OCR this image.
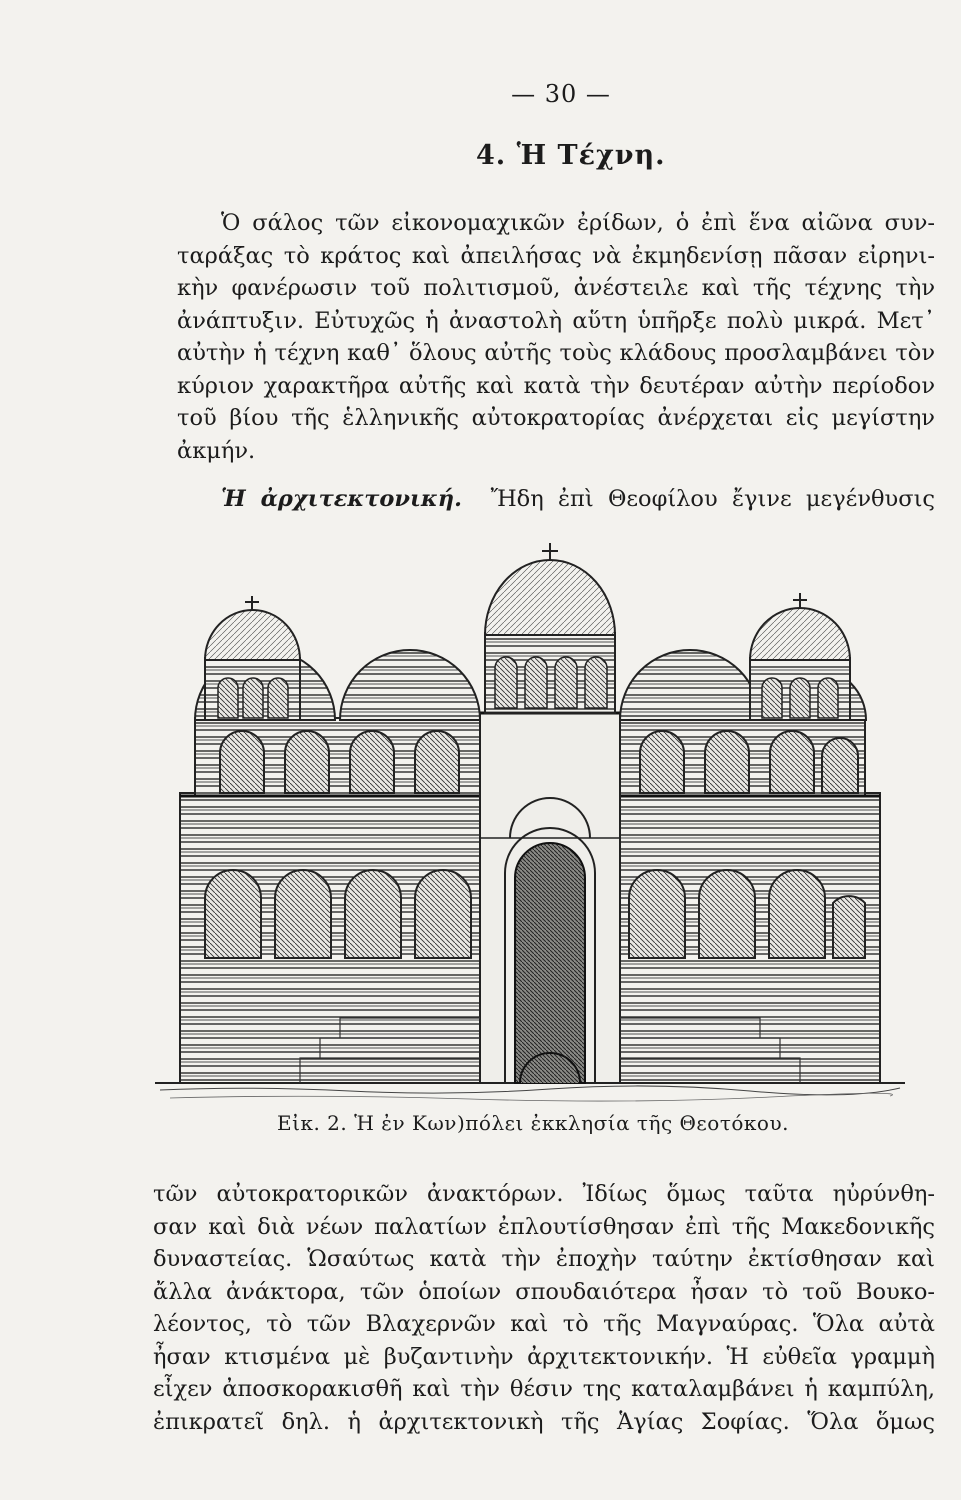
— 30 —
4. Ἡ Τέχνη.
Ὁ σάλος τῶν εἰκονομαχικῶν ἐρίδων, ὁ ἐπὶ ἕνα αἰῶνα συν-
ταράξας τὸ κράτος καὶ ἀπειλήσας νὰ ἐκμηδενίσῃ πᾶσαν εἰρηνι-
κὴν φανέρωσιν τοῦ πολιτισμοῦ, ἀνέστειλε καὶ τῆς τέχνης τὴν
ἀνάπτυξιν. Εὐτυχῶς ἡ ἀναστολὴ αὕτη ὑπῆρξε πολὺ μικρά. Μετ᾽
αὐτὴν ἡ τέχνη καθ᾽ ὅλους αὐτῆς τοὺς κλάδους προσλαμβάνει τὸν
κύριον χαρακτῆρα αὐτῆς καὶ κατὰ τὴν δευτέραν αὐτὴν περίοδον
τοῦ βίου τῆς ἑλληνικῆς αὐτοκρατορίας ἀνέρχεται εἰς μεγίστην
ἀκμήν.
Ἡ ἀρχιτεκτονική. Ἤδη ἐπὶ Θεοφίλου ἔγινε μεγένθυσις
Εἰκ. 2. Ἡ ἐν Κων)πόλει ἐκκλησία τῆς Θεοτόκου.
τῶν αὐτοκρατορικῶν ἀνακτόρων. Ἰδίως ὅμως ταῦτα ηὐρύνθη-
σαν καὶ διὰ νέων παλατίων ἐπλουτίσθησαν ἐπὶ τῆς Μακεδονικῆς
δυναστείας. Ὡσαύτως κατὰ τὴν ἐποχὴν ταύτην ἐκτίσθησαν καὶ
ἄλλα ἀνάκτορα, τῶν ὁποίων σπουδαιότερα ἦσαν τὸ τοῦ Βουκο-
λέοντος, τὸ τῶν Βλαχερνῶν καὶ τὸ τῆς Μαγναύρας. Ὅλα αὐτὰ
ἦσαν κτισμένα μὲ βυζαντινὴν ἀρχιτεκτονικήν. Ἡ εὐθεῖα γραμμὴ
εἶχεν ἀποσκορακισθῆ καὶ τὴν θέσιν της καταλαμβάνει ἡ καμπύλη,
ἐπικρατεῖ δηλ. ἡ ἀρχιτεκτονικὴ τῆς Ἁγίας Σοφίας. Ὅλα ὅμως
